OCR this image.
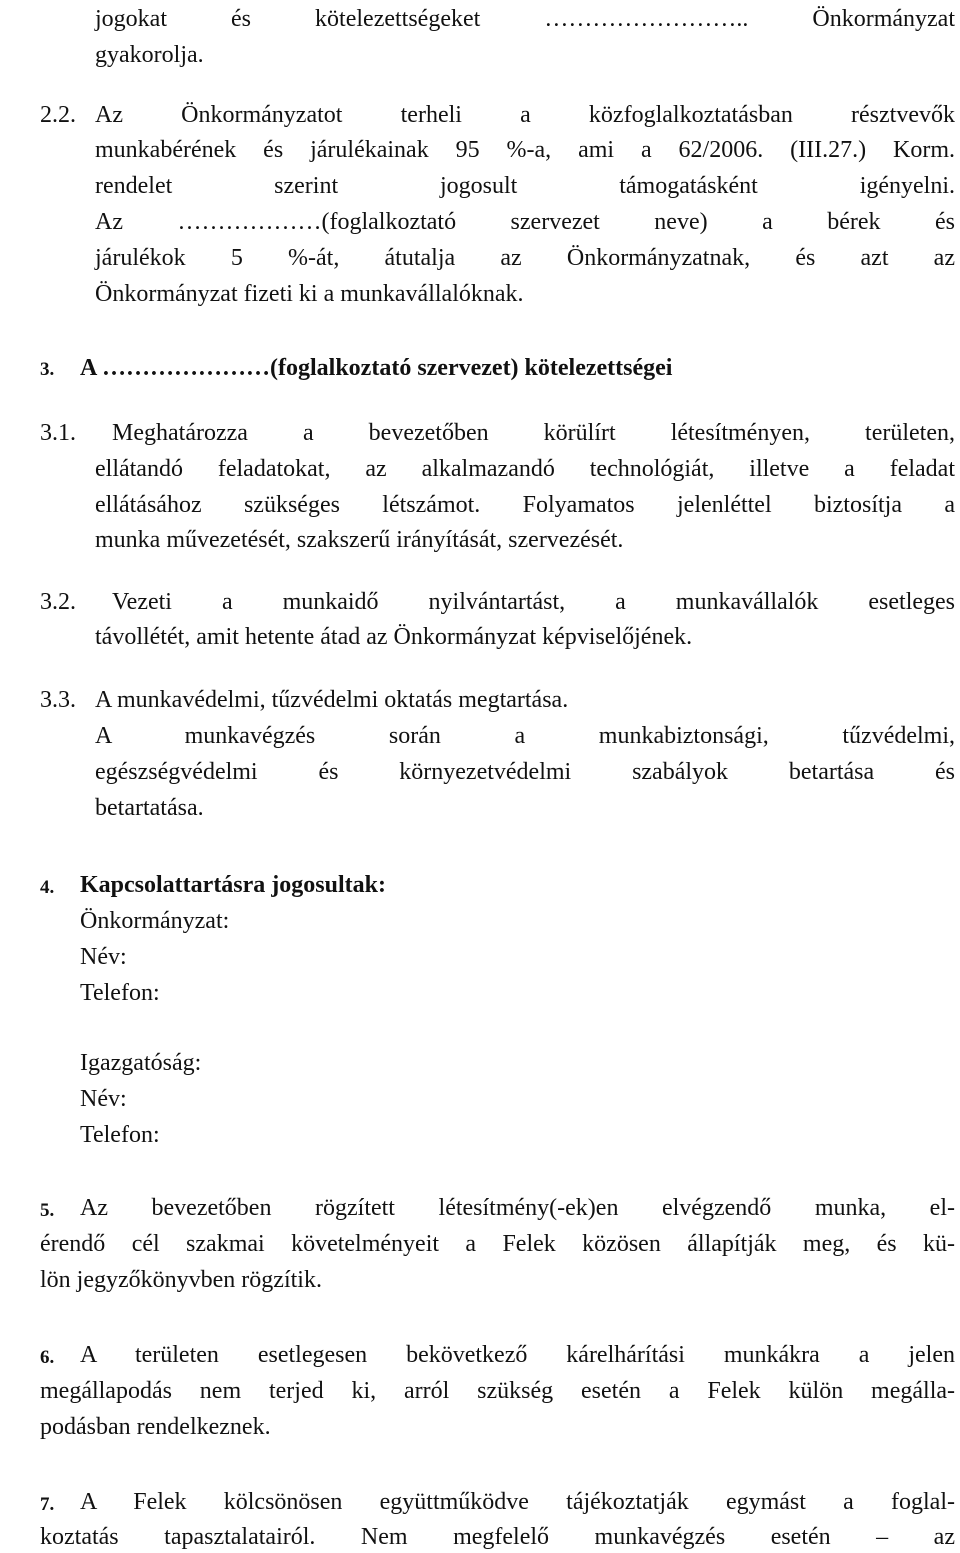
jogokat és kötelezettségeket …………………….. Önkormányzat
gyakorolja.
2.2. Az Önkormányzatot terheli a közfoglalkoztatásban résztvevők
munkabérének és járulékainak 95 %-a, ami a 62/2006. (III.27.) Korm.
rendelet szerint jogosult támogatásként igényelni.
Az ………………(foglalkoztató szervezet neve) a bérek és
járulékok 5 %-át, átutalja az Önkormányzatnak, és azt az
Önkormányzat fizeti ki a munkavállalóknak.
3. A …………………(foglalkoztató szervezet) kötelezettségei
3.1. Meghatározza a bevezetőben körülírt létesítményen, területen,
ellátandó feladatokat, az alkalmazandó technológiát, illetve a feladat
ellátásához szükséges létszámot. Folyamatos jelenléttel biztosítja a
munka művezetését, szakszerű irányítását, szervezését.
3.2. Vezeti a munkaidő nyilvántartást, a munkavállalók esetleges
távollétét, amit hetente átad az Önkormányzat képviselőjének.
3.3. A munkavédelmi, tűzvédelmi oktatás megtartása.
A munkavégzés során a munkabiztonsági, tűzvédelmi,
egészségvédelmi és környezetvédelmi szabályok betartása és
betartatása.
4. Kapcsolattartásra jogosultak:
Önkormányzat:
Név:
Telefon:
Igazgatóság:
Név:
Telefon:
5. Az bevezetőben rögzített létesítmény(-ek)en elvégzendő munka, el-
érendő cél szakmai követelményeit a Felek közösen állapítják meg, és kü-
lön jegyzőkönyvben rögzítik.
6. A területen esetlegesen bekövetkező kárelhárítási munkákra a jelen
megállapodás nem terjed ki, arról szükség esetén a Felek külön megálla-
podásban rendelkeznek.
7. A Felek kölcsönösen együttműködve tájékoztatják egymást a foglal-
koztatás tapasztalatairól. Nem megfelelő munkavégzés esetén – az
